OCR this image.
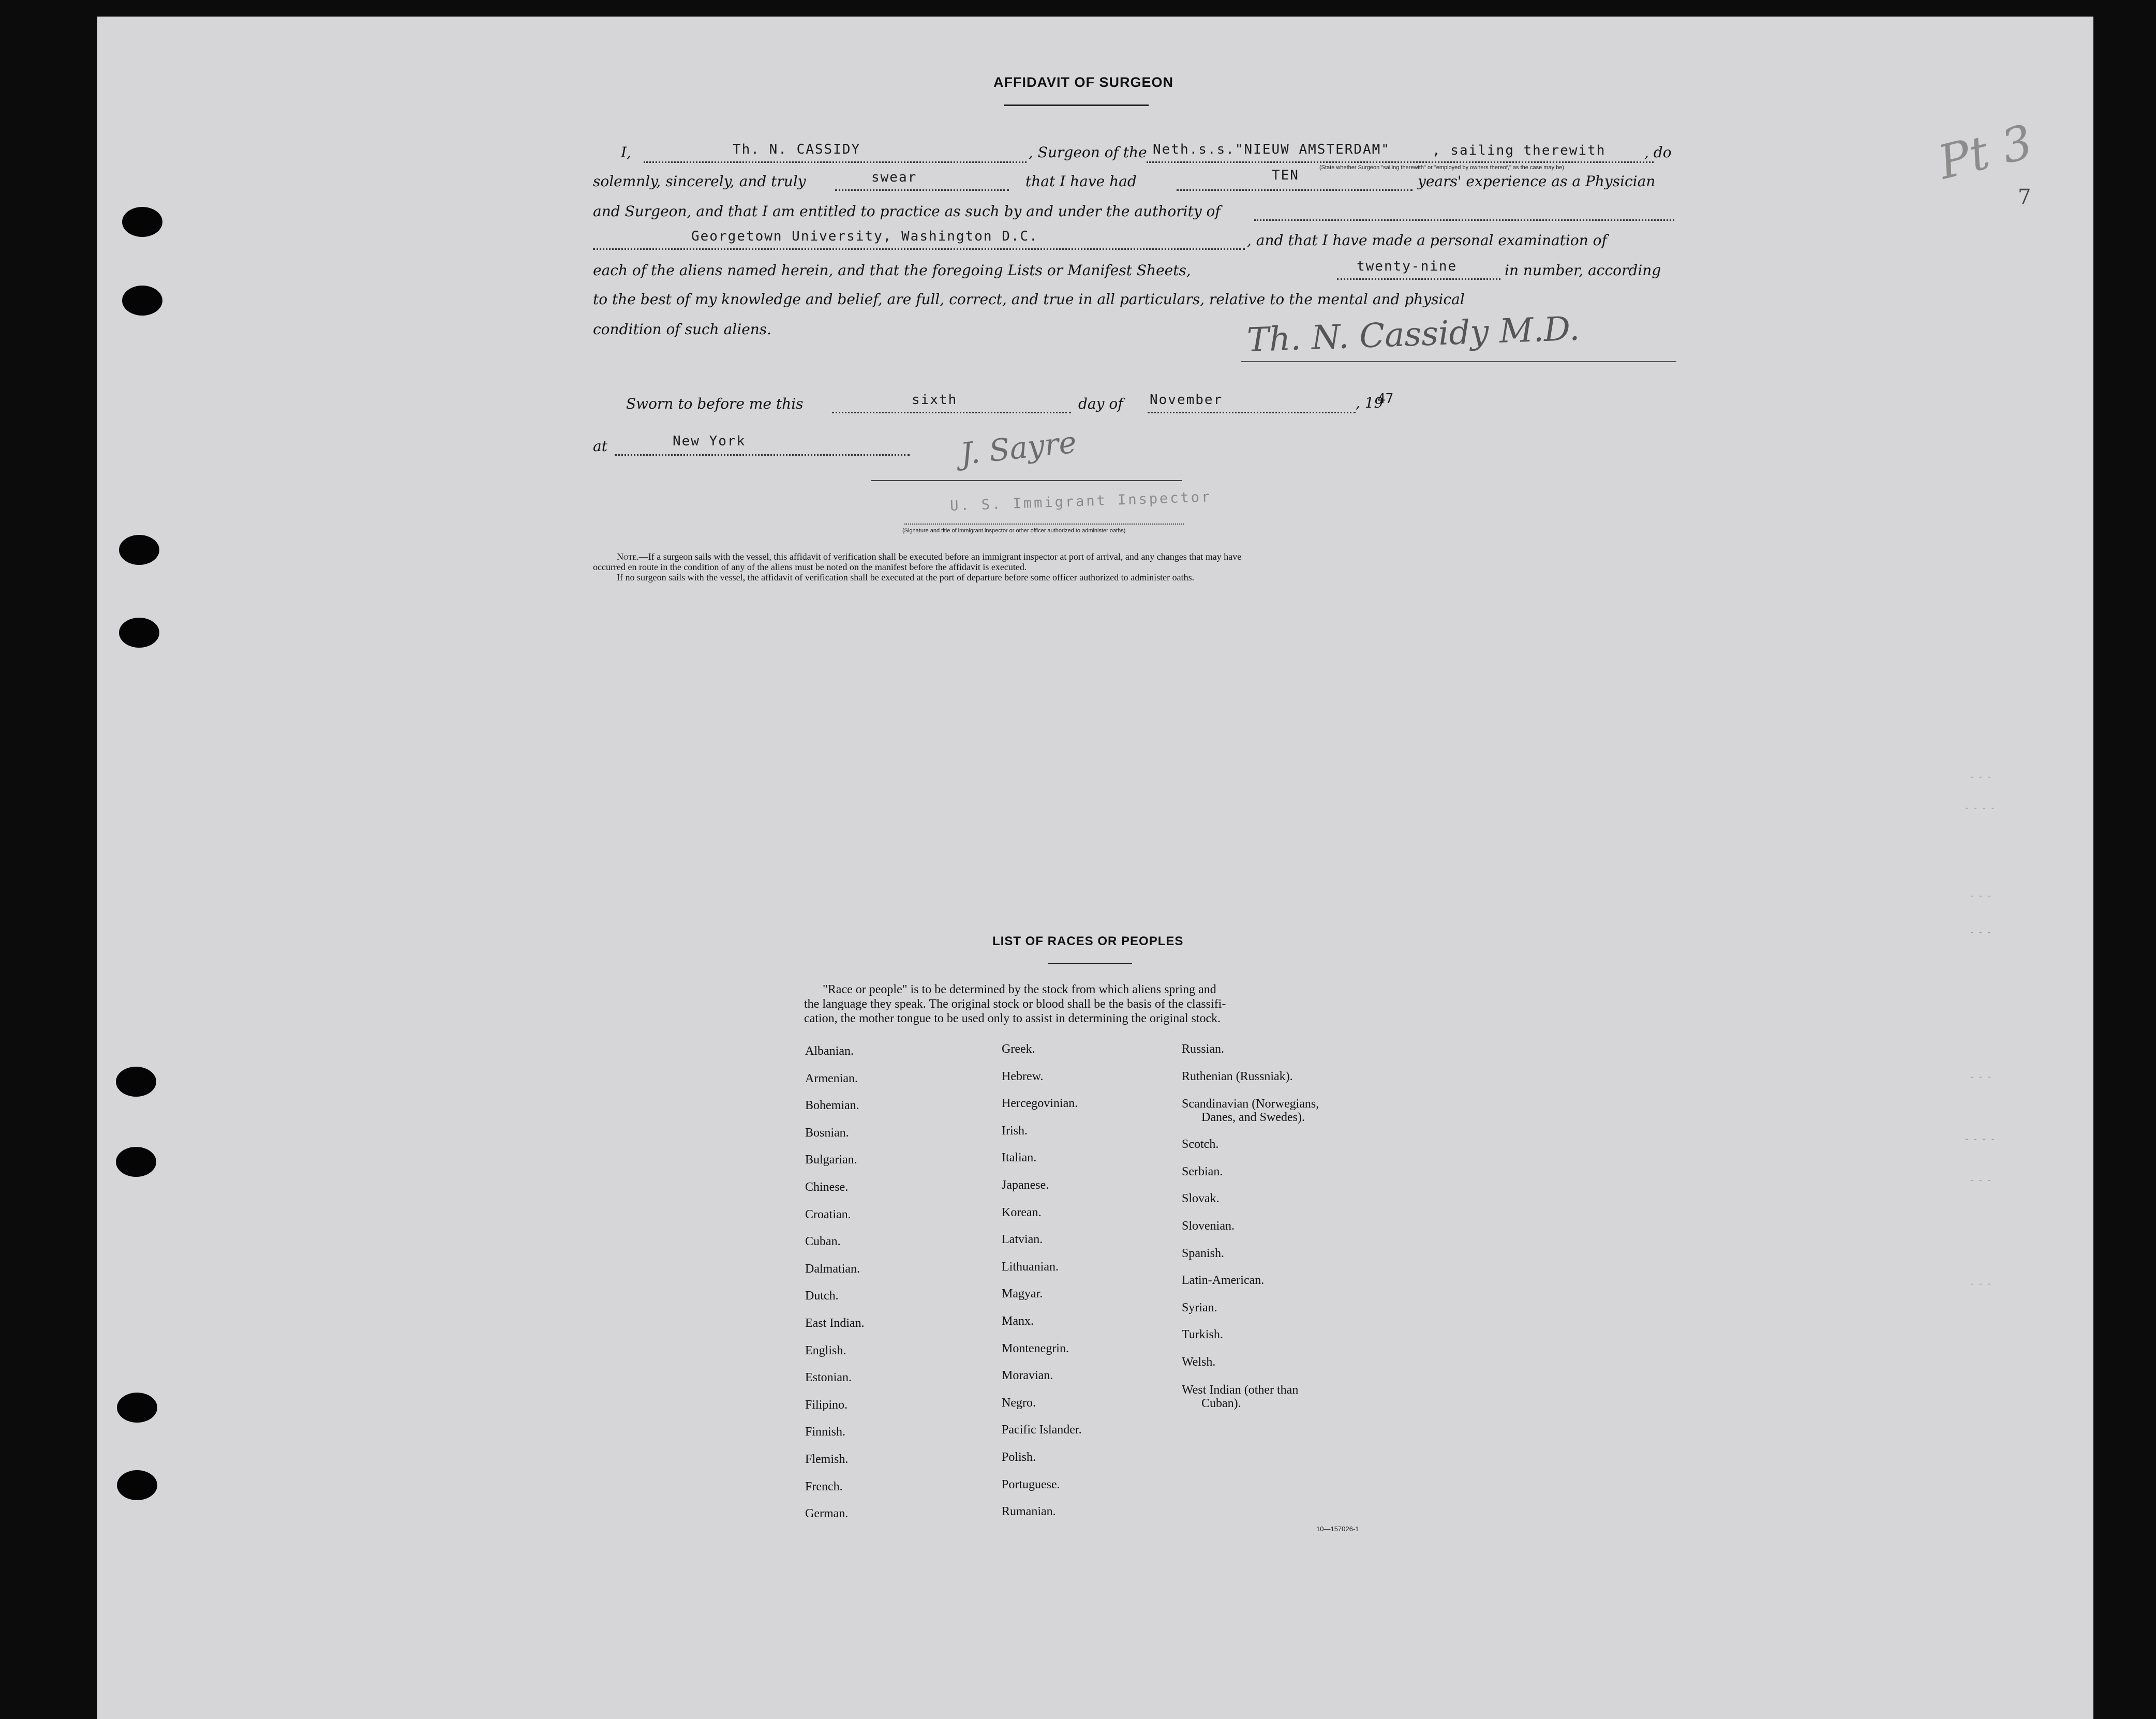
AFFIDAVIT OF SURGEON
I,	Th. N. CASSIDY	, Surgeon of the Neth.s.s."NIEUW AMSTERDAM"	, sailing therewith	, do
(State whether Surgeon "sailing therewith" or "employed by owners thereof," as the case may be)
solemnly, sincerely, and truly	swear	that I have had	TEN	years' experience as a Physician
and Surgeon, and that I am entitled to practice as such by and under the authority of
Georgetown University, Washington D.C.	, and that I have made a personal examination of
each of the aliens named herein, and that the foregoing Lists or Manifest Sheets,	twenty-nine	in number, according
to the best of my knowledge and belief, are full, correct, and true in all particulars, relative to the mental and physical
condition of such aliens.	Th. N. Cassidy M.D.
Sworn to before me this	sixth	day of November	, 19
47
at	New York	J. Sayre
U. S. Immigrant Inspector
(Signature and title of immigrant inspector or other officer authorized to administer oaths)
Note.—If a surgeon sails with the vessel, this affidavit of verification shall be executed before an immigrant inspector at port of arrival, and any changes that may have
occurred en route in the condition of any of the aliens must be noted on the manifest before the affidavit is executed.
If no surgeon sails with the vessel, the affidavit of verification shall be executed at the port of departure before some officer authorized to administer oaths.
LIST OF RACES OR PEOPLES
"Race or people" is to be determined by the stock from which aliens spring and
the language they speak. The original stock or blood shall be the basis of the classifi-
cation, the mother tongue to be used only to assist in determining the original stock.
Albanian.
Armenian.
Bohemian.
Bosnian.
Bulgarian.
Chinese.
Croatian.
Cuban.
Dalmatian.
Dutch.
East Indian.
English.
Estonian.
Filipino.
Finnish.
Flemish.
French.
German.
Greek.
Hebrew.
Hercegovinian.
Irish.
Italian.
Japanese.
Korean.
Latvian.
Lithuanian.
Magyar.
Manx.
Montenegrin.
Moravian.
Negro.
Pacific Islander.
Polish.
Portuguese.
Rumanian.
Russian.
Ruthenian (Russniak).
Scandinavian (Norwegians,
Danes, and Swedes).
Scotch.
Serbian.
Slovak.
Slovenian.
Spanish.
Latin-American.
Syrian.
Turkish.
Welsh.
West Indian (other than
Cuban).
10—157026-1
Pt 3
7
- - -
- - - -
- - -
- - -
- - -
- - - -
- - -
- - -
